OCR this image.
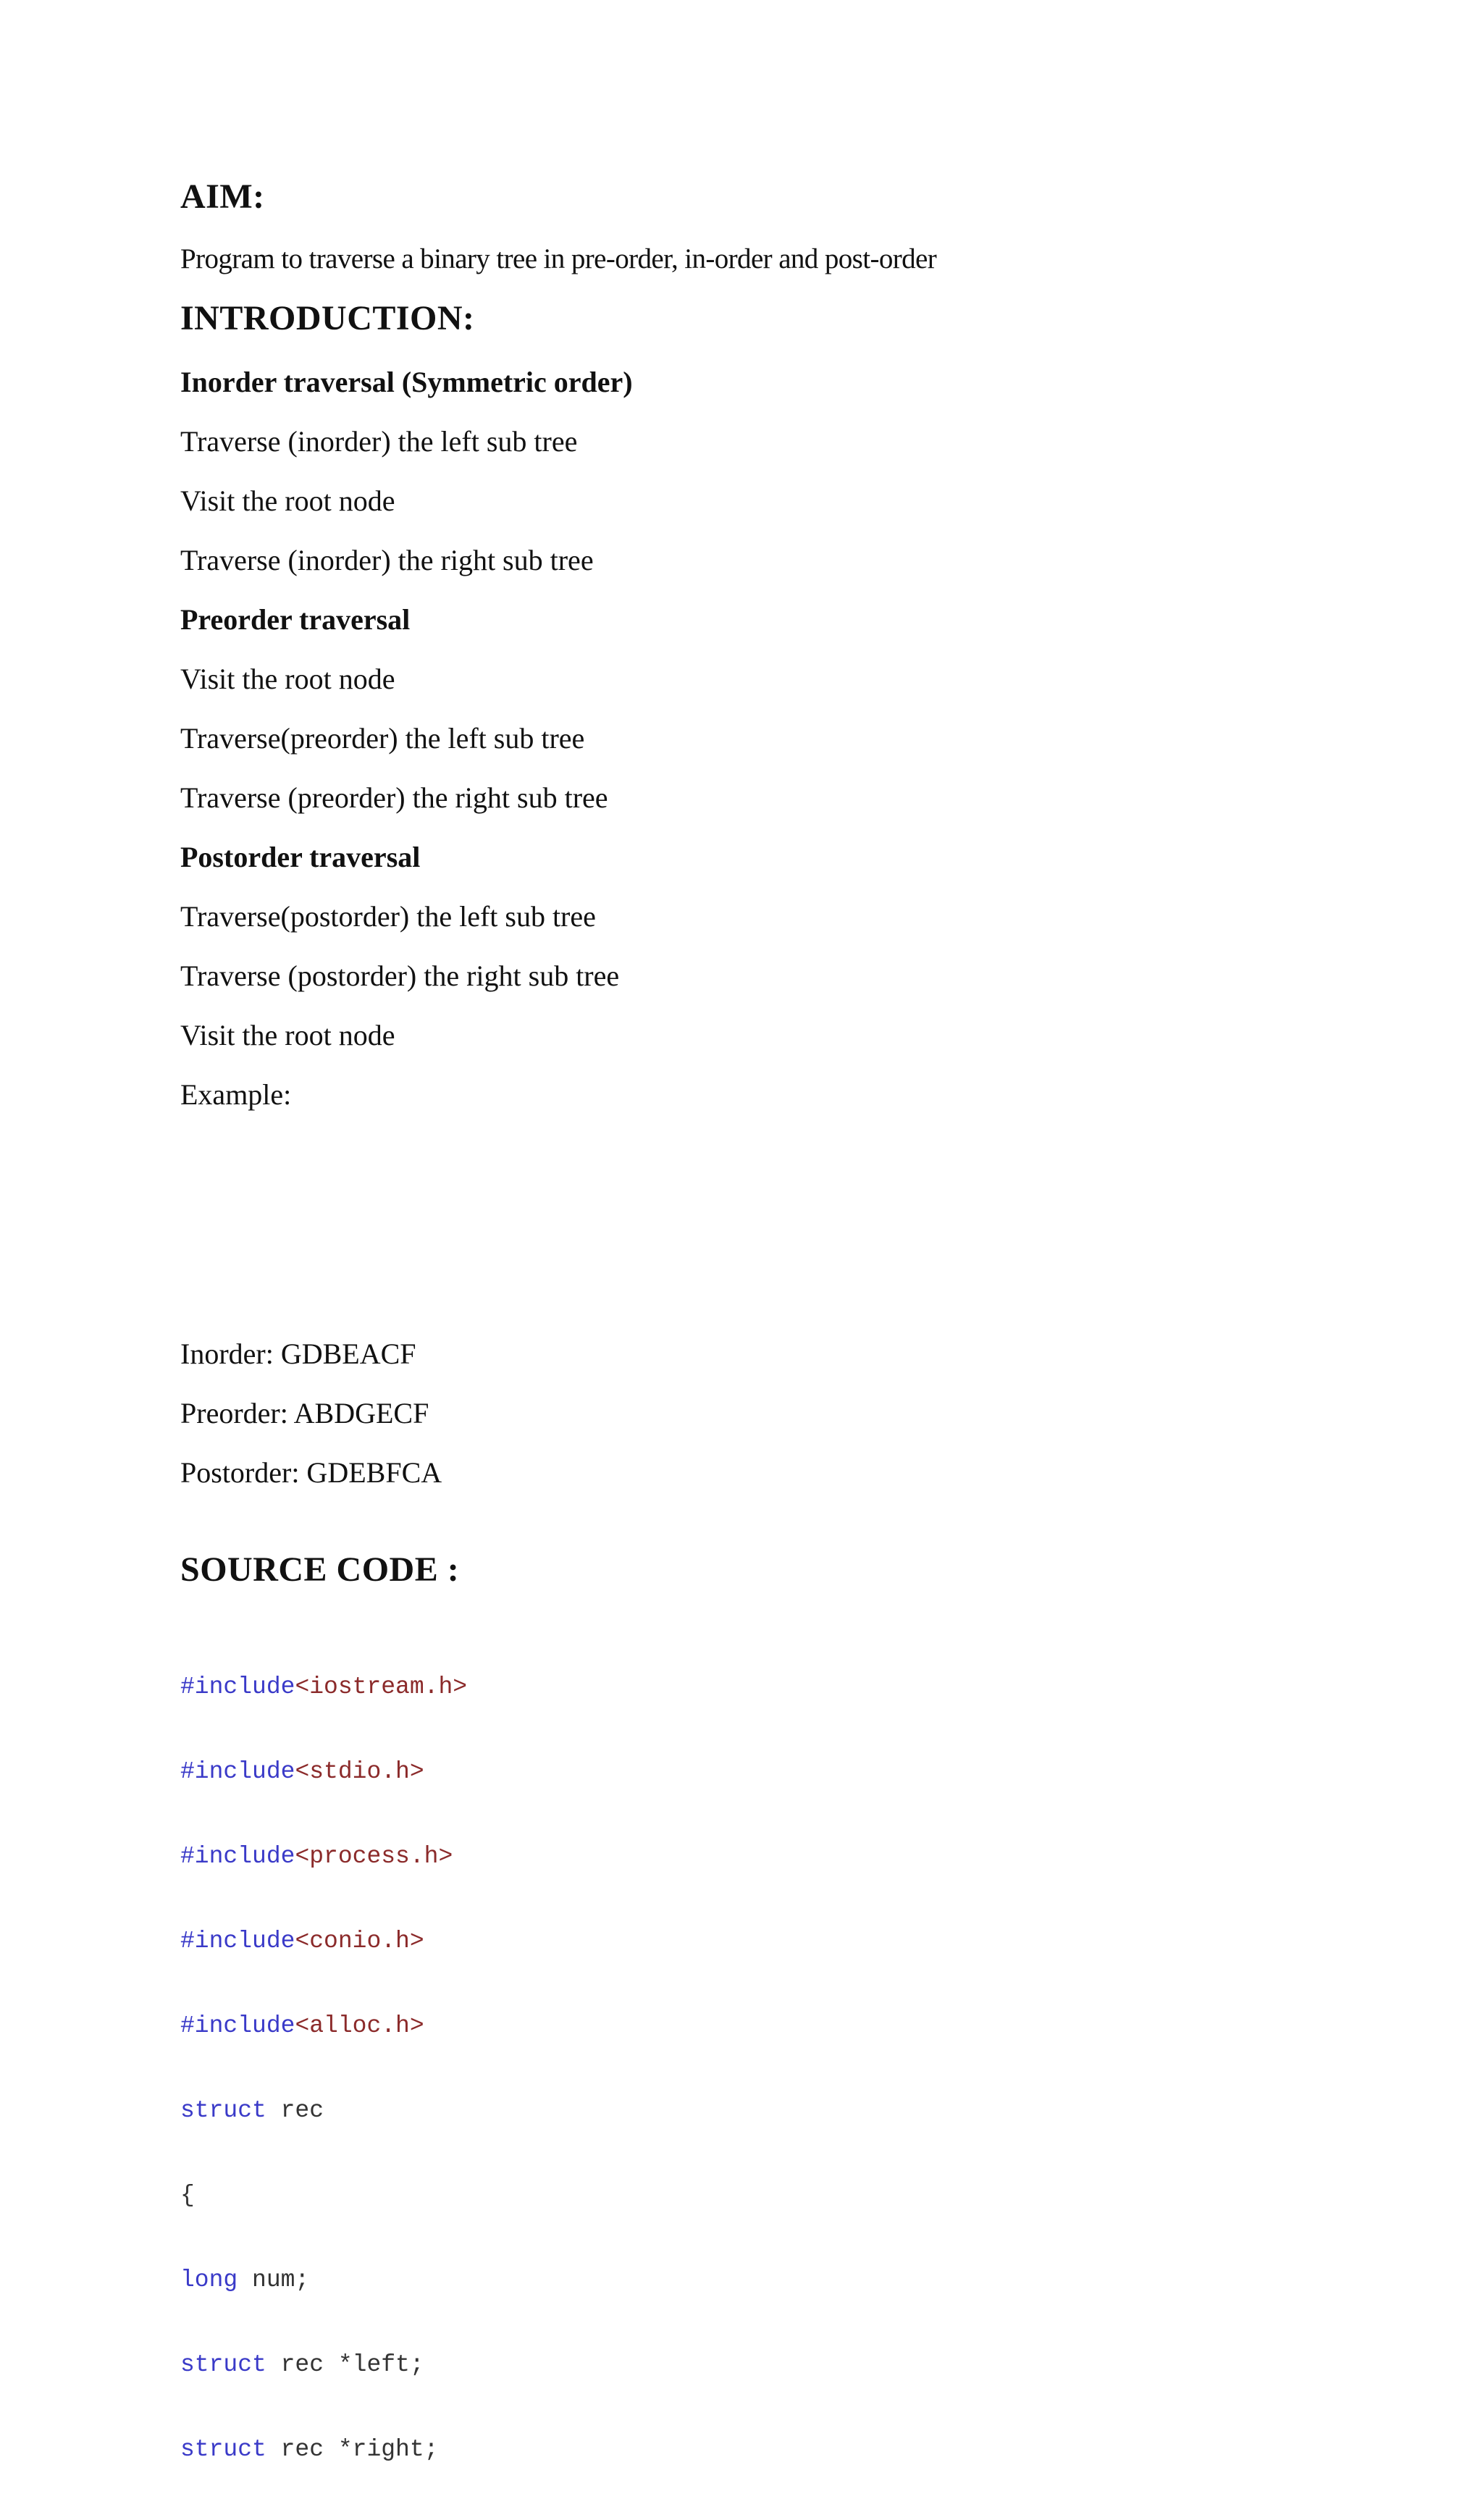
AIM:
Program to traverse a binary tree in pre-order, in-order and post-order
INTRODUCTION:
Inorder traversal (Symmetric order)
Traverse (inorder) the left sub tree
Visit the root node
Traverse (inorder) the right sub tree
Preorder traversal
Visit the root node
Traverse(preorder) the left sub tree
Traverse (preorder) the right sub tree
Postorder traversal
Traverse(postorder) the left sub tree
Traverse (postorder) the right sub tree
Visit the root node
Example:
Inorder: GDBEACF
Preorder: ABDGECF
Postorder: GDEBFCA
SOURCE CODE :

#include<iostream.h>

#include<stdio.h>

#include<process.h>

#include<conio.h>

#include<alloc.h>

struct rec

{

long num;

struct rec *left;

struct rec *right;
